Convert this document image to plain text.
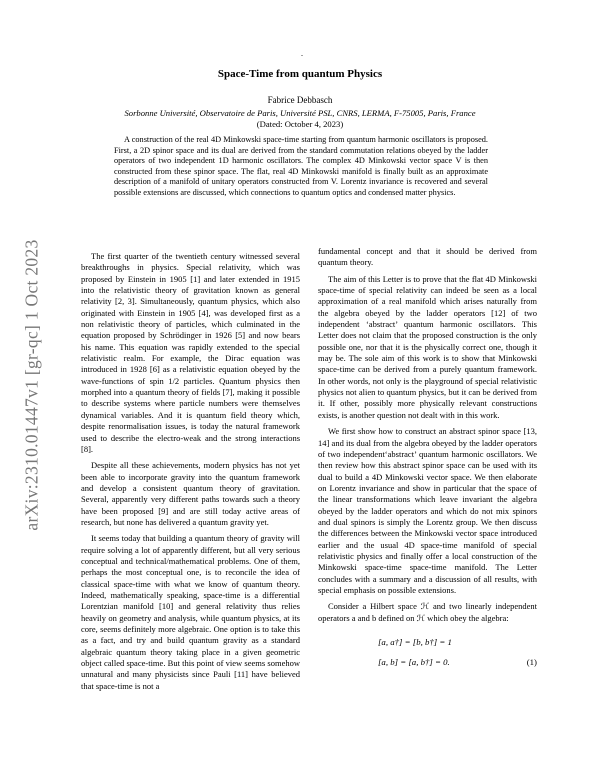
.
arXiv:2310.01447v1 [gr-qc] 1 Oct 2023
Space-Time from quantum Physics
Fabrice Debbasch
Sorbonne Université, Observatoire de Paris, Université PSL, CNRS, LERMA, F-75005, Paris, France
(Dated: October 4, 2023)
A construction of the real 4D Minkowski space-time starting from quantum harmonic oscillators is proposed. First, a 2D spinor space and its dual are derived from the standard commutation relations obeyed by the ladder operators of two independent 1D harmonic oscillators. The complex 4D Minkowski vector space V is then constructed from these spinor space. The flat, real 4D Minkowski manifold is finally built as an approximate description of a manifold of unitary operators constructed from V. Lorentz invariance is recovered and several possible extensions are discussed, which connections to quantum optics and condensed matter physics.

The first quarter of the twentieth century witnessed several breakthroughs in physics. Special relativity, which was proposed by Einstein in 1905 [1] and later extended in 1915 into the relativistic theory of gravitation known as general relativity [2, 3]. Simultaneously, quantum physics, which also originated with Einstein in 1905 [4], was developed first as a non relativistic theory of particles, which culminated in the equation proposed by Schrödinger in 1926 [5] and now bears his name. This equation was rapidly extended to the special relativistic realm. For example, the Dirac equation was introduced in 1928 [6] as a relativistic equation obeyed by the wave-functions of spin 1/2 particles. Quantum physics then morphed into a quantum theory of fields [7], making it possible to describe systems where particle numbers were themselves dynamical variables. And it is quantum field theory which, despite renormalisation issues, is today the natural framework used to describe the electro-weak and the strong interactions [8].

Despite all these achievements, modern physics has not yet been able to incorporate gravity into the quantum framework and develop a consistent quantum theory of gravitation. Several, apparently very different paths towards such a theory have been proposed [9] and are still today active areas of research, but none has delivered a quantum gravity yet.

It seems today that building a quantum theory of gravity will require solving a lot of apparently different, but all very serious conceptual and technical/mathematical problems. One of them, perhaps the most conceptual one, is to reconcile the idea of classical space-time with what we know of quantum theory. Indeed, mathematically speaking, space-time is a differential Lorentzian manifold [10] and general relativity thus relies heavily on geometry and analysis, while quantum physics, at its core, seems definitely more algebraic. One option is to take this as a fact, and try and build quantum gravity as a standard algebraic quantum theory taking place in a given geometric object called space-time. But this point of view seems somehow unnatural and many physicists since Pauli [11] have believed that space-time is not a

fundamental concept and that it should be derived from quantum theory.

The aim of this Letter is to prove that the flat 4D Minkowski space-time of special relativity can indeed be seen as a local approximation of a real manifold which arises naturally from the algebra obeyed by the ladder operators [12] of two independent ‘abstract’ quantum harmonic oscillators. This Letter does not claim that the proposed construction is the only possible one, nor that it is the physically correct one, though it may be. The sole aim of this work is to show that Minkowski space-time can be derived from a purely quantum framework. In other words, not only is the playground of special relativistic physics not alien to quantum physics, but it can be derived from it. If other, possibly more physically relevant constructions exists, is another question not dealt with in this work.

We first show how to construct an abstract spinor space [13, 14] and its dual from the algebra obeyed by the ladder operators of two independent‘abstract’ quantum harmonic oscillators. We then review how this abstract spinor space can be used with its dual to build a 4D Minkowski vector space. We then elaborate on Lorentz invariance and show in particular that the space of the linear transformations which leave invariant the algebra obeyed by the ladder operators and which do not mix spinors and dual spinors is simply the Lorentz group. We then discuss the differences between the Minkowski vector space introduced earlier and the usual 4D space-time manifold of special relativistic physics and finally offer a local construction of the Minkowski space-time space-time manifold. The Letter concludes with a summary and a discussion of all results, with special emphasis on possible extensions.

Consider a Hilbert space ℋ and two linearly independent operators a and b defined on ℋ which obey the algebra:

[a, a†] = [b, b†] = 1
[a, b] = [a, b†] = 0.	(1)
